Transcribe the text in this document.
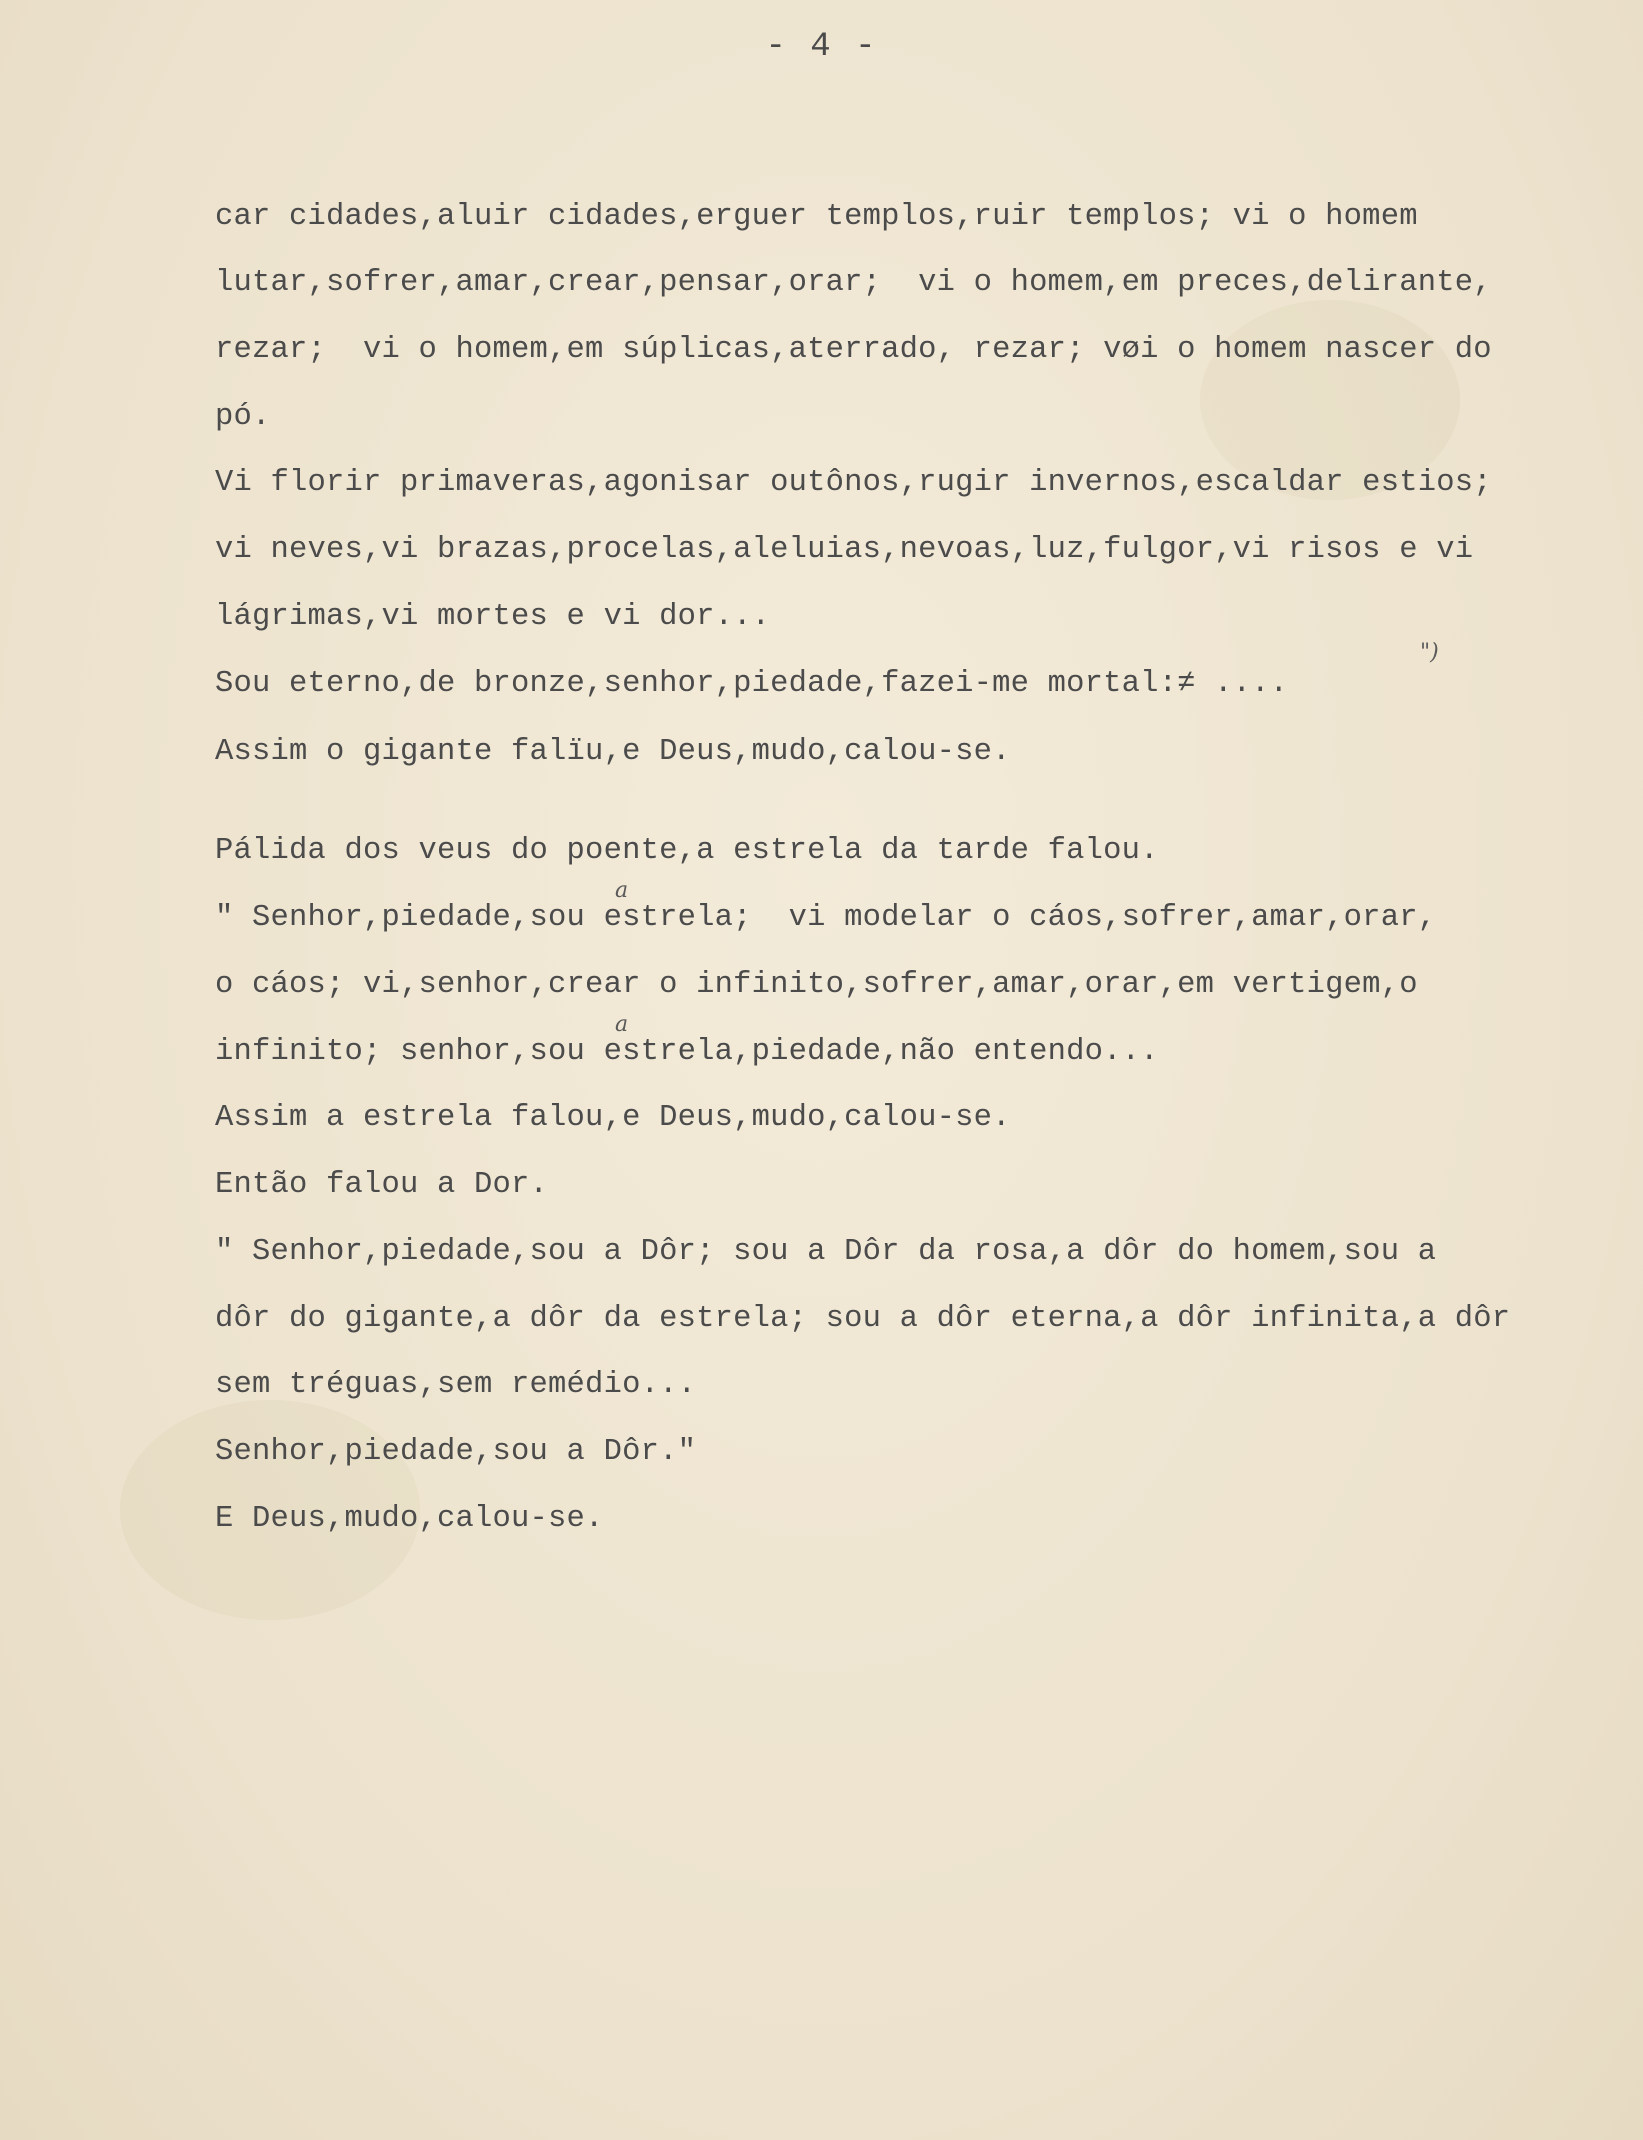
- 4 -
car cidades,aluir cidades,erguer templos,ruir templos; vi o homem
lutar,sofrer,amar,crear,pensar,orar;  vi o homem,em preces,delirante,
rezar;  vi o homem,em súplicas,aterrado, rezar; vøi o homem nascer do
pó.
Vi florir primaveras,agonisar outônos,rugir invernos,escaldar estios;
vi neves,vi brazas,procelas,aleluias,nevoas,luz,fulgor,vi risos e vi
lágrimas,vi mortes e vi dor...
Sou eterno,de bronze,senhor,piedade,fazei-me mortal:≠ ....
Assim o gigante falïu,e Deus,mudo,calou-se.
Pálida dos veus do poente,a estrela da tarde falou.
" Senhor,piedade,sou estrela;  vi modelar o cáos,sofrer,amar,orar,
o cáos; vi,senhor,crear o infinito,sofrer,amar,orar,em vertigem,o
infinito; senhor,sou estrela,piedade,não entendo...
Assim a estrela falou,e Deus,mudo,calou-se.
Então falou a Dor.
" Senhor,piedade,sou a Dôr; sou a Dôr da rosa,a dôr do homem,sou a
dôr do gigante,a dôr da estrela; sou a dôr eterna,a dôr infinita,a dôr
sem tréguas,sem remédio...
Senhor,piedade,sou a Dôr."
E Deus,mudo,calou-se.
")
a
a
